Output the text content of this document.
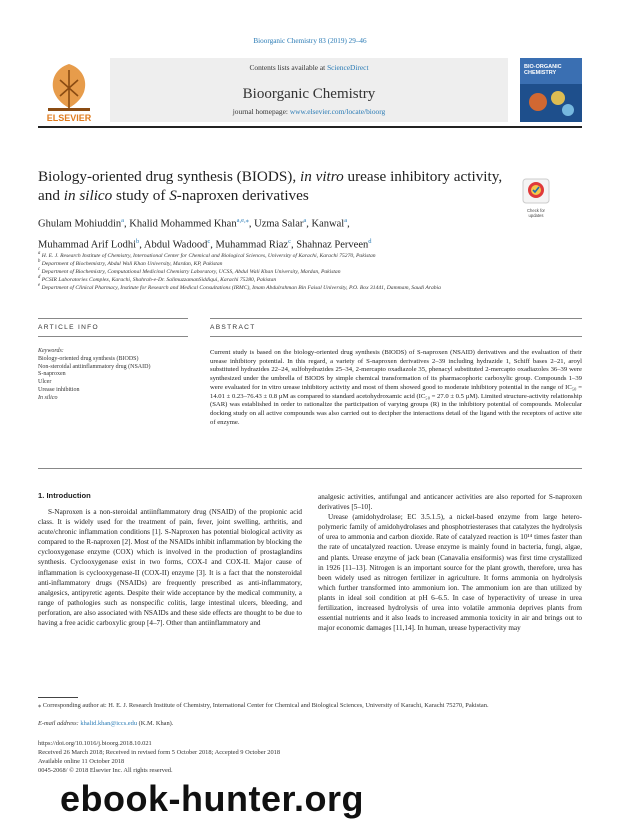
Bioorganic Chemistry 83 (2019) 29–46
ELSEVIER
Contents lists available at ScienceDirect
Bioorganic Chemistry
journal homepage: www.elsevier.com/locate/bioorg
BIO-ORGANIC CHEMISTRY
Biology-oriented drug synthesis (BIODS), in vitro urease inhibitory activity,
and in silico study of S-naproxen derivatives
Check for updates
Ghulam Mohiuddin$^a$, Khalid Mohammed Khan$^{a,e,⁎}$, Uzma Salar$^a$, Kanwal$^a$,
Muhammad Arif Lodhi$^b$, Abdul Wadood$^c$, Muhammad Riaz$^c$, Shahnaz Perveen$^d$
$^a$ H. E. J. Research Institute of Chemistry, International Center for Chemical and Biological Sciences, University of Karachi, Karachi 75270, Pakistan
$^b$ Department of Biochemistry, Abdul Wali Khan University, Mardan, KP, Pakistan
$^c$ Department of Biochemistry, Computational Medicinal Chemistry Laboratory, UCSS, Abdul Wali Khan University, Mardan, Pakistan
$^d$ PCSIR Laboratories Complex, Karachi, Shahrah-e-Dr. SalimuzzamanSiddiqui, Karachi 75280, Pakistan
$^e$ Department of Clinical Pharmacy, Institute for Research and Medical Consultations (IRMC), Imam Abdulrahman Bin Faisal University, P.O. Box 31441, Dammam, Saudi Arabia
ARTICLE INFO	ABSTRACT
Keywords:
Biology-oriented drug synthesis (BIODS)
Non-steroidal antiinflammatory drug (NSAID)
S-naproxen
Ulcer
Urease inhibition
In silico
Current study is based on the biology-oriented drug synthesis (BIODS) of S-naproxen (NSAID) derivatives and the evaluation of their urease inhibitory potential. In this regard, a variety of S-naproxen derivatives 2–39 including hydrazide 1, Schiff bases 2–21, aroyl substituted hydrazides 22–24, sulfohydrazides 25–34, 2-mercapto oxadiazole 35, phenacyl substituted 2-mercapto oxadiazoles 36–39 were synthesized under the umbrella of BIODS by simple chemical transformation of its pharmacophoric carboxylic group. Compounds 1–39 were evaluated for in vitro urease inhibitory activity and most of them showed good to moderate inhibitory potential in the range of IC₅₀ = 14.01 ± 0.23–76.43 ± 0.8 µM as compared to standard acetohydroxamic acid (IC₅₀ = 27.0 ± 0.5 µM). Limited structure-activity relationship (SAR) was established in order to rationalize the participation of varying groups (R) in the inhibitory potential of compounds. Molecular docking study on all active compounds was also carried out to decipher the interactions detail of the ligand with the receptors of active site of enzyme.
1. Introduction
S-Naproxen is a non-steroidal antiinflammatory drug (NSAID) of the propionic acid class. It is widely used for the treatment of pain, fever, joint swelling, arthritis, and acute/chronic inflammation conditions [1]. S-Naproxen has potential biological activity as compared to the R-naproxen [2]. Most of the NSAIDs inhibit inflammation by blocking the cyclooxygenase enzyme (COX) which is involved in the production of prostaglandins synthesis. Cyclooxygenase exist in two forms, COX-I and COX-II. Major cause of inflammation is cyclooxygenase-II (COX-II) enzyme [3]. It is a fact that the nonsteroidal anti-inflammatory drugs (NSAIDs) are frequently prescribed as anti-inflammatory, analgesics, antipyretic agents. Despite their wide acceptance by the medical community, a range of pathologies such as nonspecific colitis, large intestinal ulcers, bleeding, and perforation, are also associated with NSAIDs and these side effects are thought to be due to having a free acidic carboxylic group [4–7]. Other than antiinflammatory and
analgesic activities, antifungal and anticancer activities are also reported for S-naproxen derivatives [5–10].
Urease (amidohydrolase; EC 3.5.1.5), a nickel-based enzyme from large hetero-polymeric family of amidohydrolases and phosphotriesterases that catalyzes the hydrolysis of urea to ammonia and carbon dioxide. Rate of catalyzed reaction is 10¹⁴ times faster than the rate of uncatalyzed reaction. Urease enzyme is mainly found in bacteria, fungi, algae, and plants. Urease enzyme of jack bean (Canavalia ensiformis) was first time crystallized in 1926 [11–13]. Nitrogen is an important source for the plant growth, therefore, urea has been widely used as nitrogen fertilizer in agriculture. It forms ammonia on hydrolysis which further transformed into ammonium ion. The ammonium ion are than utilized by plants in ideal soil condition at pH 6–6.5. In case of hyperactivity of urease in urea fertilization, increased hydrolysis of urea into volatile ammonia deprives plants from essential nutrients and it also leads to increased ammonia toxicity in air and brings out to major economic damages [11,14]. In human, urease hyperactivity may
⁎ Corresponding author at: H. E. J. Research Institute of Chemistry, International Center for Chemical and Biological Sciences, University of Karachi, Karachi 75270, Pakistan.
E-mail address: khalid.khan@iccs.edu (K.M. Khan).
https://doi.org/10.1016/j.bioorg.2018.10.021
Received 26 March 2018; Received in revised form 5 October 2018; Accepted 9 October 2018
Available online 11 October 2018
0045-2068/ © 2018 Elsevier Inc. All rights reserved.
ebook-hunter.org
